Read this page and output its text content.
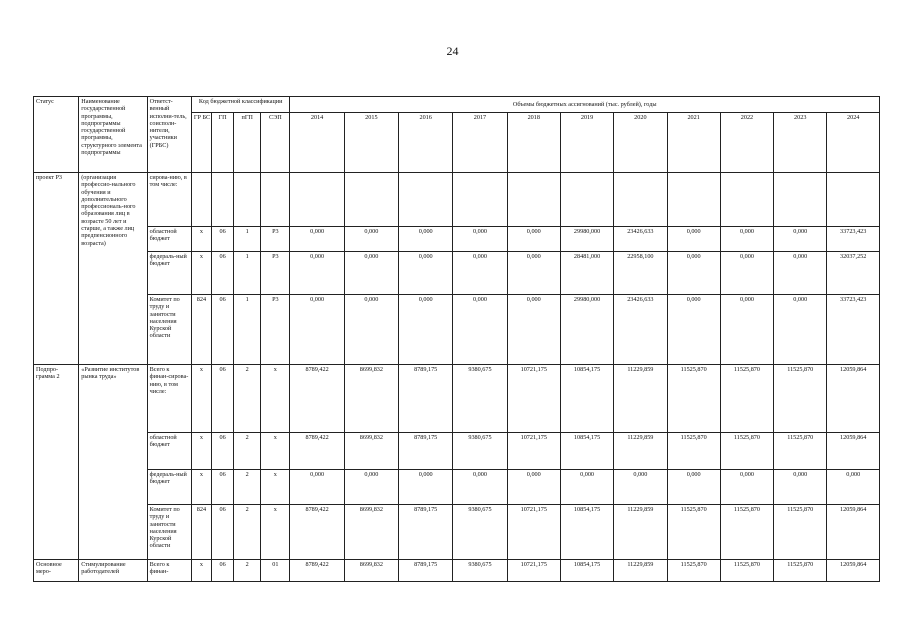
24
Статус	Наименование государственной программы, подпрограммы государственной программы, структурного элемента подпрограммы	Ответст-венный исполни-тель, соисполн-нители, участники (ГРБС)	Код бюджетной классификации				Объемы бюджетных ассигнований (тыс. рублей), годы										
			ГР БС	ГП	пГП	СЭП	2014	2015	2016	2017	2018	2019	2020	2021	2022	2023	2024
проект Р3	(организация профессио-нального обучения и дополнительного профессиональ-ного образования лиц в возрасте 50 лет и старше, а также лиц предпенсионного возраста)	сирова-нию, в том числе:															
		областной бюджет	х	06	1	Р3	0,000	0,000	0,000	0,000	0,000	29980,000	23426,633	0,000	0,000	0,000	33723,423
		федераль-ный бюджет	х	06	1	Р3	0,000	0,000	0,000	0,000	0,000	28481,000	22958,100	0,000	0,000	0,000	32037,252
		Комитет по труду и занятости населения Курской области	824	06	1	Р3	0,000	0,000	0,000	0,000	0,000	29980,000	23426,633	0,000	0,000	0,000	33723,423
Подпро-грамма 2	«Развитие институтов рынка труда»	Всего к финан-сирова-нию, в том числе:	х	06	2	х	8789,422	8699,832	8789,175	9380,675	10721,175	10854,175	11229,859	11525,870	11525,870	11525,870	12059,864
		областной бюджет	х	06	2	х	8789,422	8699,832	8789,175	9380,675	10721,175	10854,175	11229,859	11525,870	11525,870	11525,870	12059,864
		федераль-ный бюджет	х	06	2	х	0,000	0,000	0,000	0,000	0,000	0,000	0,000	0,000	0,000	0,000	0,000
		Комитет по труду и занятости населения Курской области	824	06	2	х	8789,422	8699,832	8789,175	9380,675	10721,175	10854,175	11229,859	11525,870	11525,870	11525,870	12059,864
Основное меро-	Стимулирование работодателей	Всего к финан-	х	06	2	01	8789,422	8699,832	8789,175	9380,675	10721,175	10854,175	11229,859	11525,870	11525,870	11525,870	12059,864
